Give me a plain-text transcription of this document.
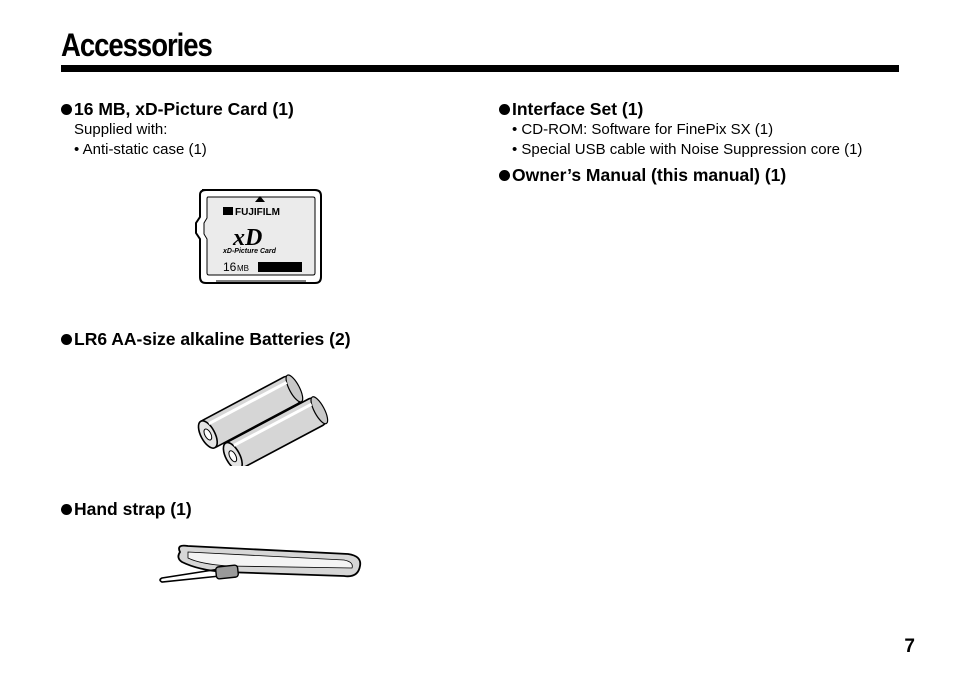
Accessories
16 MB, xD-Picture Card (1)
Supplied with:
• Anti-static case (1)
FUJIFILM
xD
xD-Picture Card
16 MB
LR6 AA-size alkaline Batteries (2)
Hand strap (1)
Interface Set (1)
• CD-ROM: Software for FinePix SX (1)
• Special USB cable with Noise Suppression core (1)
Owner’s Manual (this manual) (1)
7
